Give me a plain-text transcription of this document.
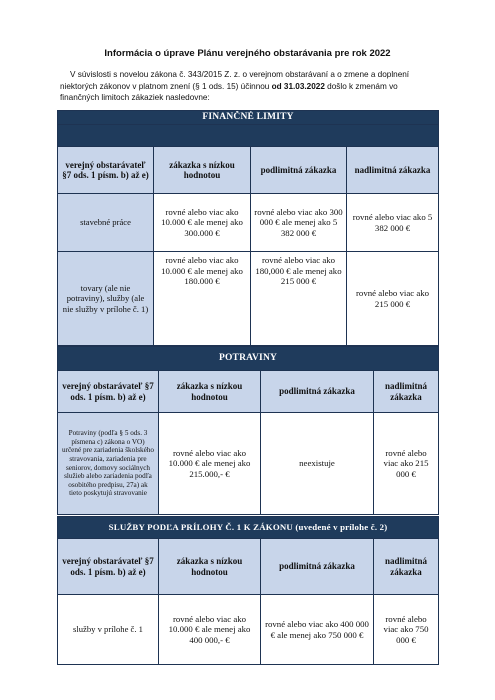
Informácia o úprave Plánu verejného obstarávania pre rok 2022
V súvislosti s novelou zákona č. 343/2015 Z. z. o verejnom obstarávaní a o zmene a doplnení
niektorých zákonov v platnom znení (§ 1 ods. 15) účinnou od 31.03.2022 došlo k zmenám vo
finančných limitoch zákaziek nasledovne:
FINANČNÉ LIMITY			

verejný obstarávateľ §7 ods. 1 písm. b) až e)	zákazka s nízkou hodnotou	podlimitná zákazka	nadlimitná zákazka
stavebné práce	rovné alebo viac ako 10.000 € ale menej ako 300.000 €	rovné alebo viac ako 300 000 € ale menej ako 5 382 000 €	rovné alebo viac ako 5 382 000 €
tovary (ale nie potraviny), služby (ale nie služby v prílohe č. 1)	rovné alebo viac ako 10.000 € ale menej ako 180.000 €	rovné alebo viac ako 180,000 € ale menej ako 215 000 €	rovné alebo viac ako 215 000 €
POTRAVINY			
verejný obstarávateľ §7 ods. 1 písm. b) až e)	zákazka s nízkou hodnotou	podlimitná zákazka	nadlimitná zákazka
Potraviny (podľa § 5 ods. 3 písmena c) zákona o VO) určené pre zariadenia školského stravovania, zariadenia pre seniorov, domovy sociálnych služieb alebo zariadenia podľa osobitého predpisu, 27a) ak tieto poskytujú stravovanie	rovné alebo viac ako 10.000 € ale menej ako 215.000,- €	neexistuje	rovné alebo viac ako 215 000 €
SLUŽBY PODĽA PRÍLOHY Č. 1 K ZÁKONU (uvedené v prílohe č. 2)			
verejný obstarávateľ §7 ods. 1 písm. b) až e)	zákazka s nízkou hodnotou	podlimitná zákazka	nadlimitná zákazka
služby v prílohe č. 1	rovné alebo viac ako 10.000 € ale menej ako 400 000,- €	rovné alebo viac ako 400 000 € ale menej ako 750 000 €	rovné alebo viac ako 750 000 €
